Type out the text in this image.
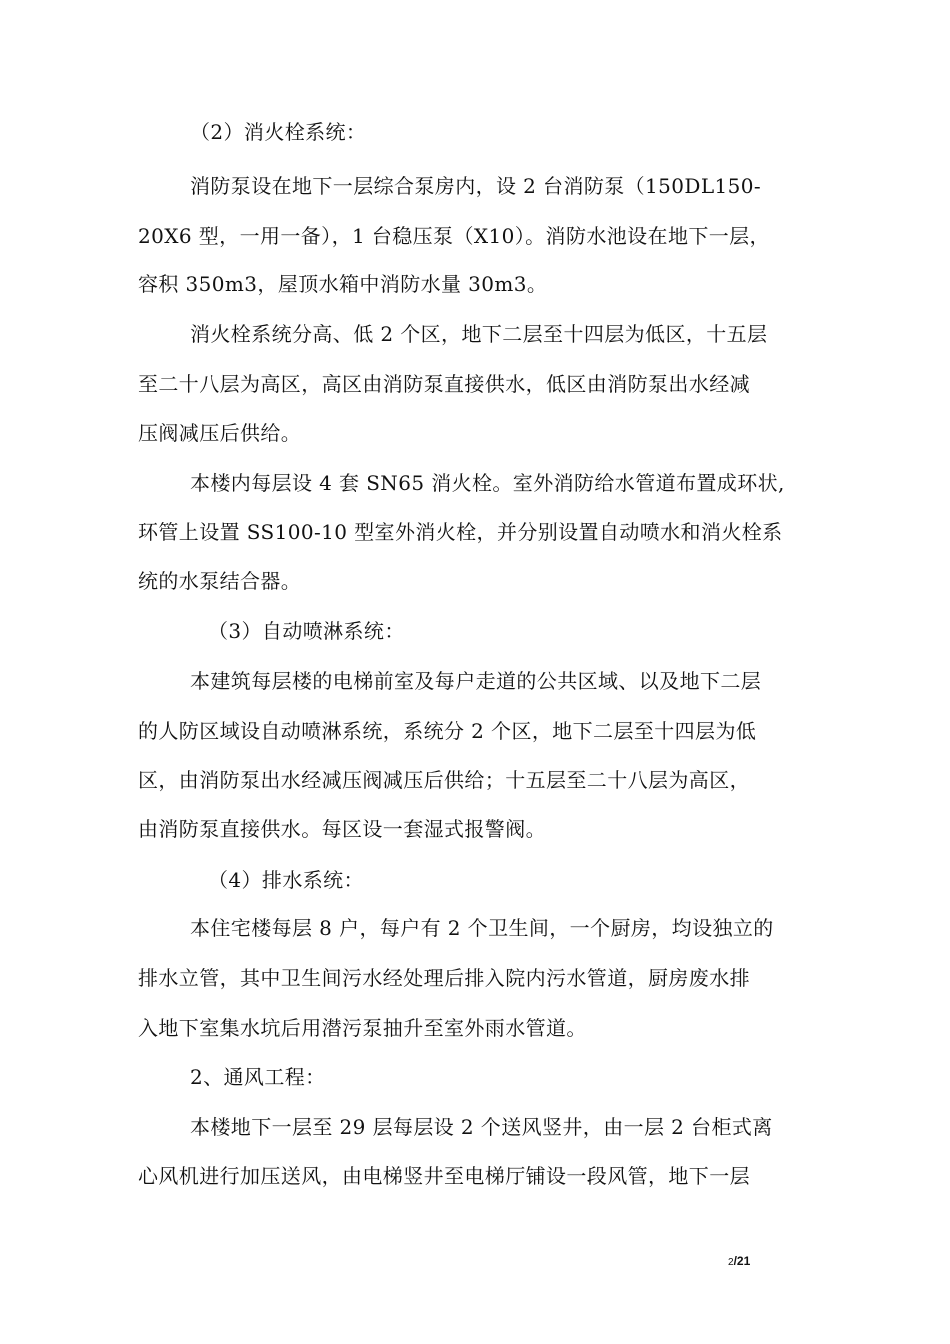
（2）消火栓系统：
消防泵设在地下一层综合泵房内，设 2 台消防泵（150DL150-
20X6 型，一用一备），1 台稳压泵（X10）。消防水池设在地下一层，
容积 350m3，屋顶水箱中消防水量 30m3。
消火栓系统分高、低 2 个区，地下二层至十四层为低区，十五层
至二十八层为高区，高区由消防泵直接供水，低区由消防泵出水经减
压阀减压后供给。
本楼内每层设 4 套 SN65 消火栓。室外消防给水管道布置成环状,
环管上设置 SS100-10 型室外消火栓，并分别设置自动喷水和消火栓系
统的水泵结合器。
（3）自动喷淋系统：
本建筑每层楼的电梯前室及每户走道的公共区域、以及地下二层
的人防区域设自动喷淋系统，系统分 2 个区，地下二层至十四层为低
区，由消防泵出水经减压阀减压后供给；十五层至二十八层为高区，
由消防泵直接供水。每区设一套湿式报警阀。
（4）排水系统：
本住宅楼每层 8 户，每户有 2 个卫生间，一个厨房，均设独立的
排水立管，其中卫生间污水经处理后排入院内污水管道，厨房废水排
入地下室集水坑后用潜污泵抽升至室外雨水管道。
2、通风工程：
本楼地下一层至 29 层每层设 2 个送风竖井，由一层 2 台柜式离
心风机进行加压送风，由电梯竖井至电梯厅铺设一段风管，地下一层
2/21
